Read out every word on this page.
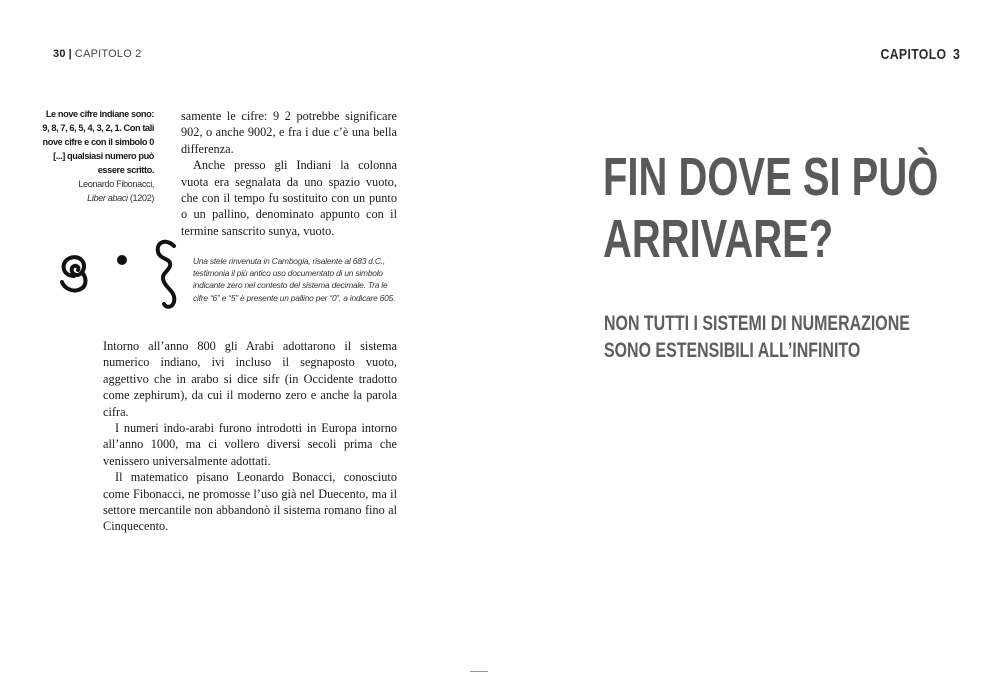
30 | CAPITOLO 2
Le nove cifre indiane sono: 9, 8, 7, 6, 5, 4, 3, 2, 1. Con tali nove cifre e con il simbolo 0 [...] qualsiasi numero può essere scritto.
Leonardo Fibonacci,
Liber abaci (1202)

samente le cifre: 9 2 potrebbe significare 902, o anche 9002, e fra i due c’è una bella differenza.

Anche presso gli Indiani la colonna vuota era segnalata da uno spazio vuoto, che con il tempo fu sostituito con un punto o un pallino, denominato appunto con il termine sanscrito sunya, vuoto.

Una stele rinvenuta in Cambogia, risalente al 683 d.C., testimonia il più antico uso documentato di un simbolo indicante zero nel contesto del sistema decimale. Tra le cifre “6” e “5” è presente un pallino per “0”, a indicare 605.

Intorno all’anno 800 gli Arabi adottarono il sistema numerico indiano, ivi incluso il segnaposto vuoto, aggettivo che in arabo si dice sifr (in Occidente tradotto come zephirum), da cui il moderno zero e anche la parola cifra.

I numeri indo-arabi furono introdotti in Europa intorno all’anno 1000, ma ci vollero diversi secoli prima che venissero universalmente adottati.

Il matematico pisano Leonardo Bonacci, conosciuto come Fibonacci, ne promosse l’uso già nel Duecento, ma il settore mercantile non abbandonò il sistema romano fino al Cinquecento.

CAPITOLO 3
FIN DOVE SI PUÒ
ARRIVARE?
NON TUTTI I SISTEMI DI NUMERAZIONE
SONO ESTENSIBILI ALL’INFINITO
